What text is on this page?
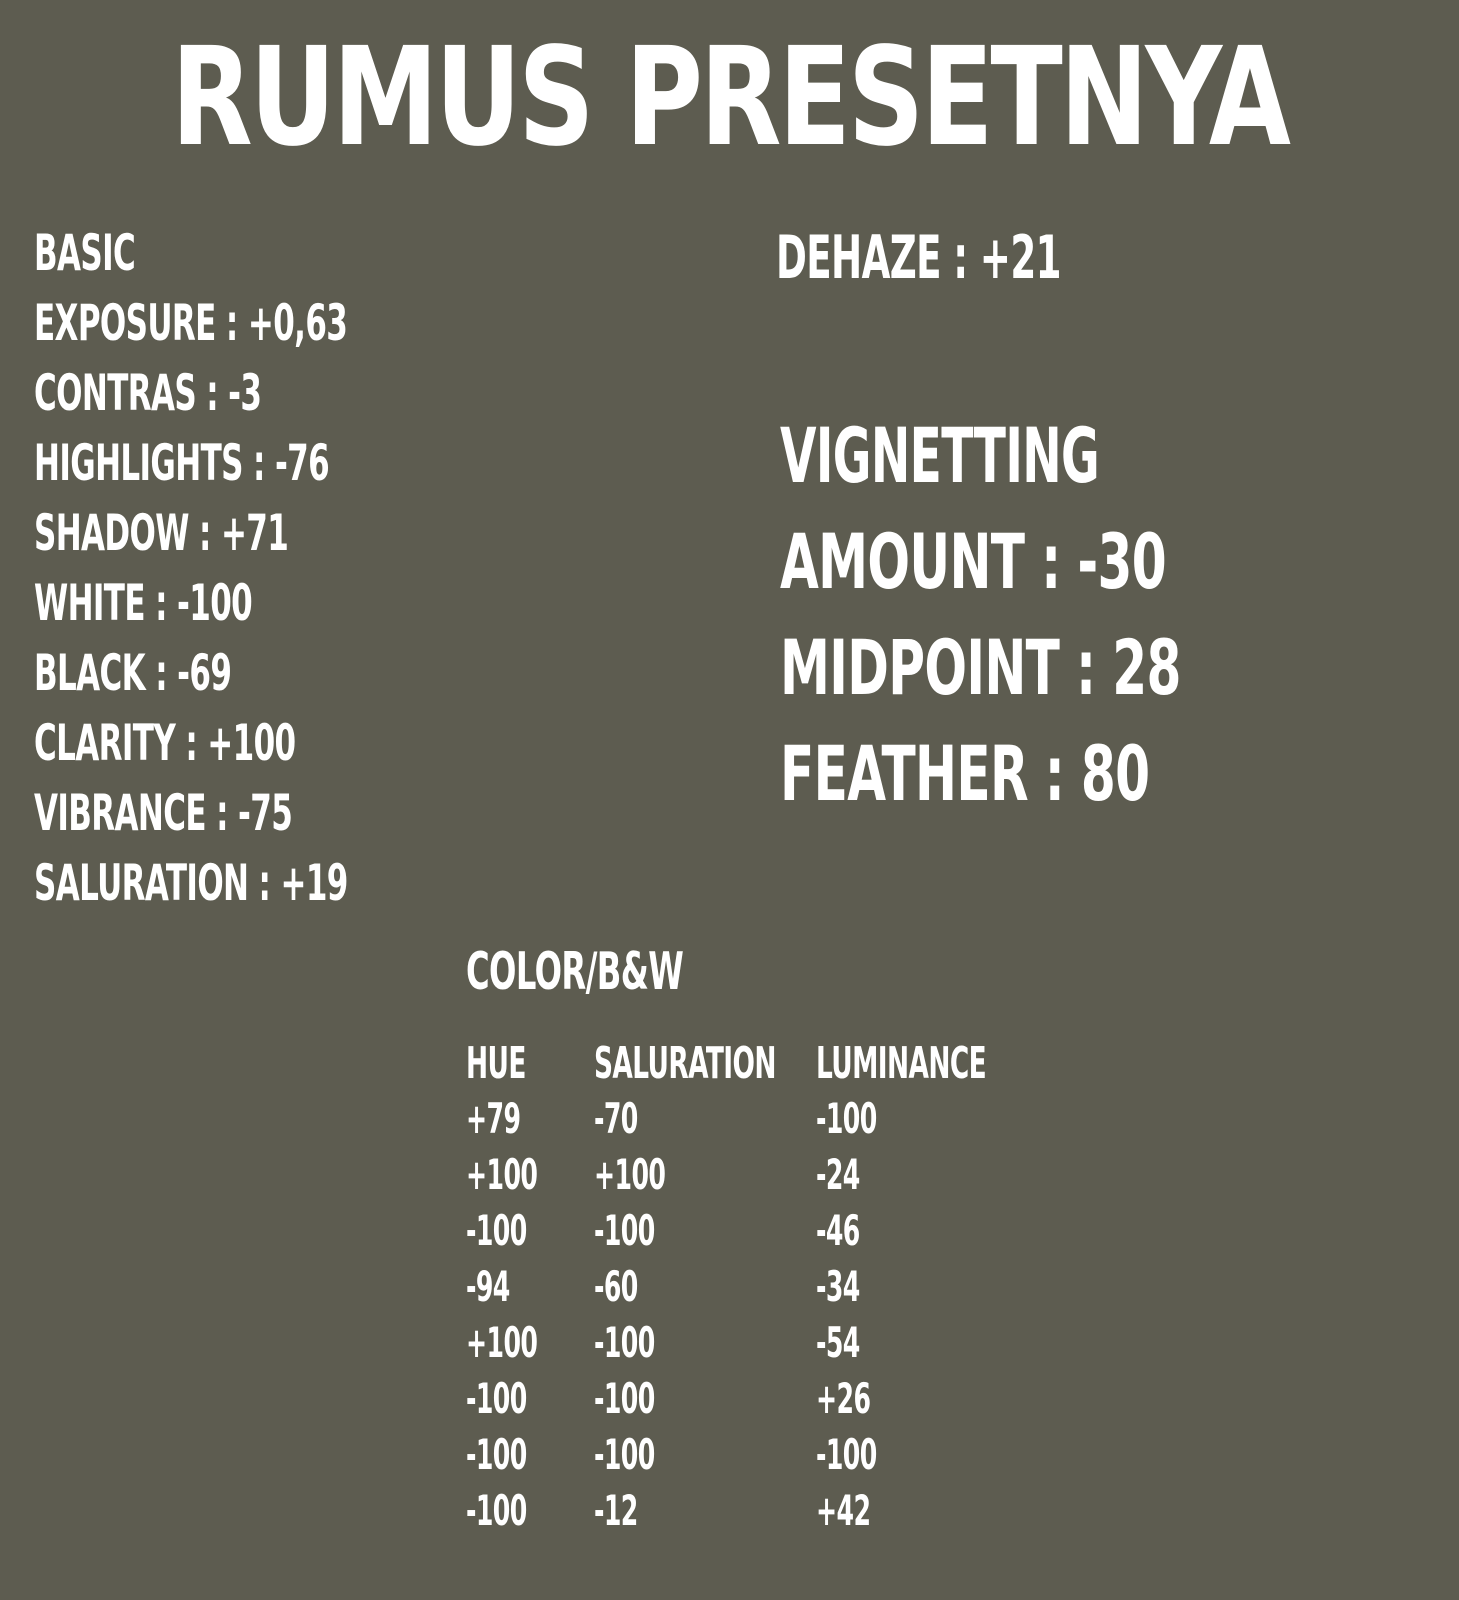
RUMUS PRESETNYA
BASIC
EXPOSURE : +0,63
CONTRAS : -3
HIGHLIGHTS : -76
SHADOW : +71
WHITE : -100
BLACK : -69
CLARITY : +100
VIBRANCE : -75
SALURATION : +19
DEHAZE : +21
VIGNETTING
AMOUNT : -30
MIDPOINT : 28
FEATHER : 80
COLOR/B&W
HUE SALURATION LUMINANCE
+79 -70	-100
+100 +100	-24
-100 -100	-46
-94 -60	-34
+100 -100	-54
-100 -100	+26
-100 -100	-100
-100 -12	+42
